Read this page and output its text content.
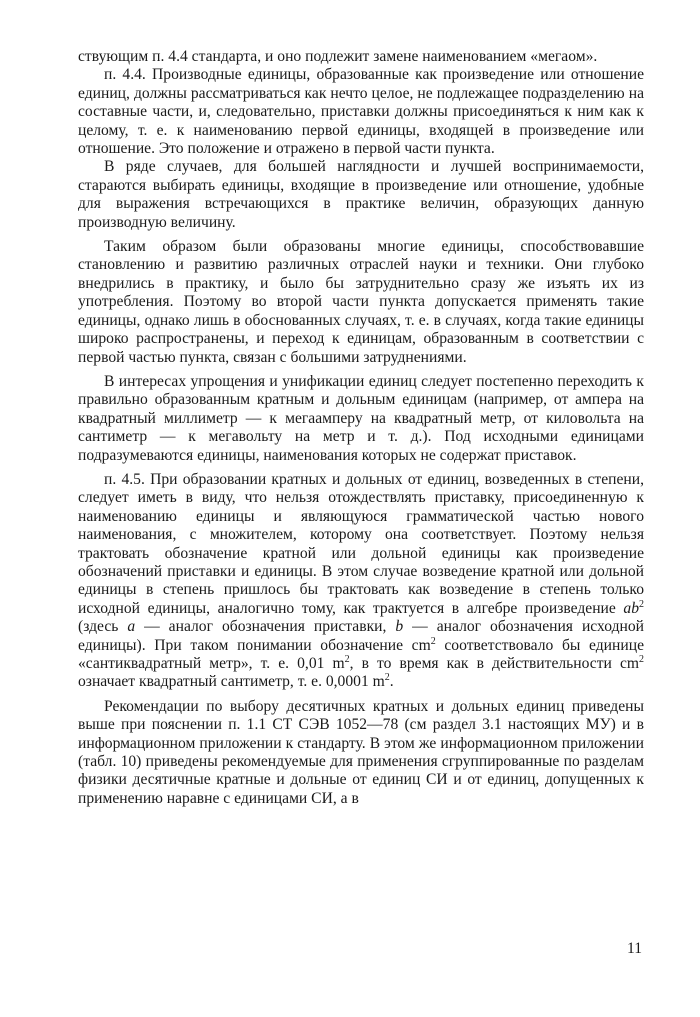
ствующим п. 4.4 стандарта, и оно подлежит замене наименованием «мегаом».

п. 4.4. Производные единицы, образованные как произведение или отношение единиц, должны рассматриваться как нечто целое, не подлежащее подразделению на составные части, и, следовательно, приставки должны присоединяться к ним как к целому, т. е. к наименованию первой единицы, входящей в произведение или отношение. Это положение и отражено в первой части пункта.

В ряде случаев, для большей наглядности и лучшей воспринимаемости, стараются выбирать единицы, входящие в произведение или отношение, удобные для выражения встречающихся в практике величин, образующих данную производную величину.

Таким образом были образованы многие единицы, способствовавшие становлению и развитию различных отраслей науки и техники. Они глубоко внедрились в практику, и было бы затруднительно сразу же изъять их из употребления. Поэтому во второй части пункта допускается применять такие единицы, однако лишь в обоснованных случаях, т. е. в случаях, когда такие единицы широко распространены, и переход к единицам, образованным в соответствии с первой частью пункта, связан с большими затруднениями.

В интересах упрощения и унификации единиц следует постепенно переходить к правильно образованным кратным и дольным единицам (например, от ампера на квадратный миллиметр — к мегаамперу на квадратный метр, от киловольта на сантиметр — к мегавольту на метр и т. д.). Под исходными единицами подразумеваются единицы, наименования которых не содержат приставок.

п. 4.5. При образовании кратных и дольных от единиц, возведенных в степени, следует иметь в виду, что нельзя отождествлять приставку, присоединенную к наименованию единицы и являющуюся грамматической частью нового наименования, с множителем, которому она соответствует. Поэтому нельзя трактовать обозначение кратной или дольной единицы как произведение обозначений приставки и единицы. В этом случае возведение кратной или дольной единицы в степень пришлось бы трактовать как возведение в степень только исходной единицы, аналогично тому, как трактуется в алгебре произведение $ab^2$ (здесь a — аналог обозначения приставки, b — аналог обозначения исходной единицы). При таком понимании обозначение $cm^2$ соответствовало бы единице «сантиквадратный метр», т. е. 0,01 $m^2$, в то время как в действительности $cm^2$ означает квадратный сантиметр, т. е. 0,0001 $m^2$.

Рекомендации по выбору десятичных кратных и дольных единиц приведены выше при пояснении п. 1.1 СТ СЭВ 1052—78 (см раздел 3.1 настоящих МУ) и в информационном приложении к стандарту. В этом же информационном приложении (табл. 10) приведены рекомендуемые для применения сгруппированные по разделам физики десятичные кратные и дольные от единиц СИ и от единиц, допущенных к применению наравне с единицами СИ, а в

11
